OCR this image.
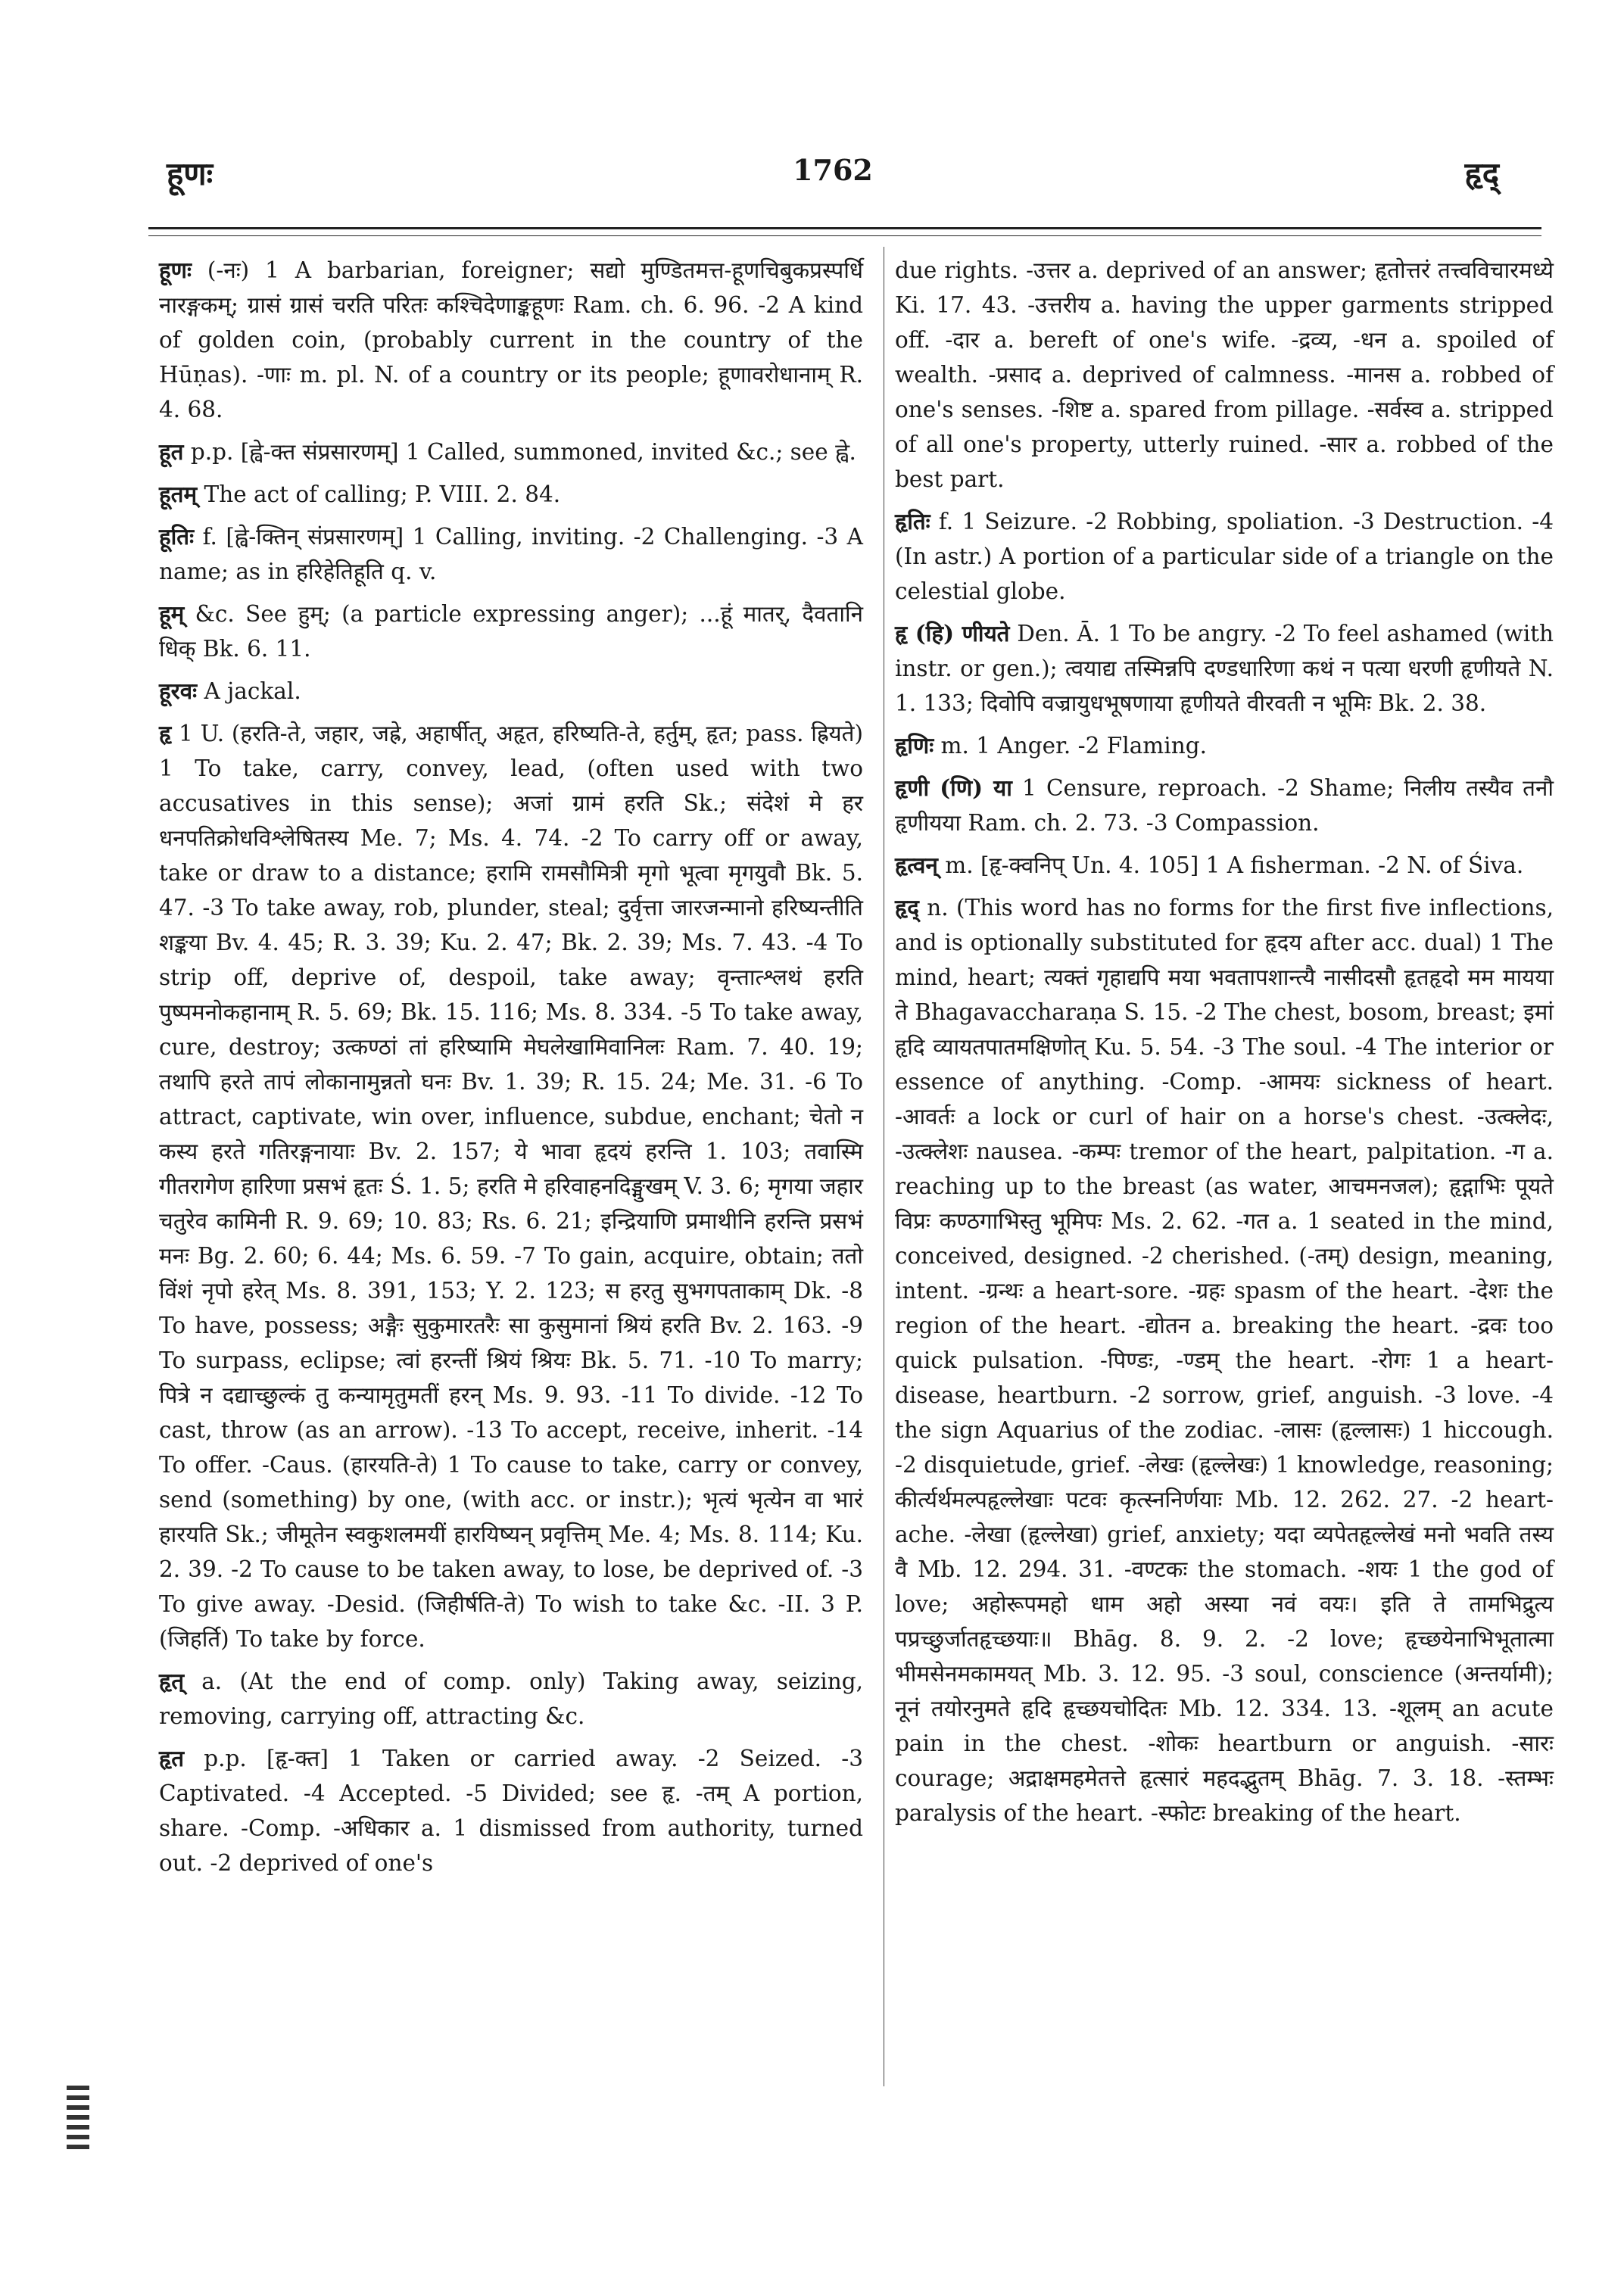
हूणः	1762	हृद्

हूणः (-नः) 1 A barbarian, foreigner; सद्यो मुण्डितमत्त-हूणचिबुकप्रस्पर्धि नारङ्गकम्; ग्रासं ग्रासं चरति परितः कश्चिदेणाङ्कहूणः Ram. ch. 6. 96. -2 A kind of golden coin, (probably current in the country of the Hūṇas). -णाः m. pl. N. of a country or its people; हूणावरोधानाम् R. 4. 68.

हूत p.p. [ह्वे-क्त संप्रसारणम्] 1 Called, summoned, invited &c.; see ह्वे.

हूतम् The act of calling; P. VIII. 2. 84.

हूतिः f. [ह्वे-क्तिन् संप्रसारणम्] 1 Calling, inviting. -2 Challenging. -3 A name; as in हरिहेतिहूति q. v.

हूम् &c. See हुम्; (a particle expressing anger); ...हूं मातर्, दैवतानि धिक् Bk. 6. 11.

हूरवः A jackal.

हृ 1 U. (हरति-ते, जहार, जह्रे, अहार्षीत्, अहृत, हरिष्यति-ते, हर्तुम्, हृत; pass. ह्रियते) 1 To take, carry, convey, lead, (often used with two accusatives in this sense); अजां ग्रामं हरति Sk.; संदेशं मे हर धनपतिक्रोधविश्लेषितस्य Me. 7; Ms. 4. 74. -2 To carry off or away, take or draw to a distance; हरामि रामसौमित्री मृगो भूत्वा मृगयुवौ Bk. 5. 47. -3 To take away, rob, plunder, steal; दुर्वृत्ता जारजन्मानो हरिष्यन्तीति शङ्कया Bv. 4. 45; R. 3. 39; Ku. 2. 47; Bk. 2. 39; Ms. 7. 43. -4 To strip off, deprive of, despoil, take away; वृन्तात्श्लथं हरति पुष्पमनोकहानाम् R. 5. 69; Bk. 15. 116; Ms. 8. 334. -5 To take away, cure, destroy; उत्कण्ठां तां हरिष्यामि मेघलेखामिवानिलः Ram. 7. 40. 19; तथापि हरते तापं लोकानामुन्नतो घनः Bv. 1. 39; R. 15. 24; Me. 31. -6 To attract, captivate, win over, influence, subdue, enchant; चेतो न कस्य हरते गतिरङ्गनायाः Bv. 2. 157; ये भावा हृदयं हरन्ति 1. 103; तवास्मि गीतरागेण हारिणा प्रसभं हृतः Ś. 1. 5; हरति मे हरिवाहनदिङ्मुखम् V. 3. 6; मृगया जहार चतुरेव कामिनी R. 9. 69; 10. 83; Rs. 6. 21; इन्द्रियाणि प्रमाथीनि हरन्ति प्रसभं मनः Bg. 2. 60; 6. 44; Ms. 6. 59. -7 To gain, acquire, obtain; ततो विंशं नृपो हरेत् Ms. 8. 391, 153; Y. 2. 123; स हरतु सुभगपताकाम् Dk. -8 To have, possess; अङ्गैः सुकुमारतरैः सा कुसुमानां श्रियं हरति Bv. 2. 163. -9 To surpass, eclipse; त्वां हरन्तीं श्रियं श्रियः Bk. 5. 71. -10 To marry; पित्रे न दद्याच्छुल्कं तु कन्यामृतुमतीं हरन् Ms. 9. 93. -11 To divide. -12 To cast, throw (as an arrow). -13 To accept, receive, inherit. -14 To offer. -Caus. (हारयति-ते) 1 To cause to take, carry or convey, send (something) by one, (with acc. or instr.); भृत्यं भृत्येन वा भारं हारयति Sk.; जीमूतेन स्वकुशलमयीं हारयिष्यन् प्रवृत्तिम् Me. 4; Ms. 8. 114; Ku. 2. 39. -2 To cause to be taken away, to lose, be deprived of. -3 To give away. -Desid. (जिहीर्षति-ते) To wish to take &c. -II. 3 P. (जिहर्ति) To take by force.

हृत् a. (At the end of comp. only) Taking away, seizing, removing, carrying off, attracting &c.

हृत p.p. [हृ-क्त] 1 Taken or carried away. -2 Seized. -3 Captivated. -4 Accepted. -5 Divided; see हृ. -तम् A portion, share. -Comp. -अधिकार a. 1 dismissed from authority, turned out. -2 deprived of one's

due rights. -उत्तर a. deprived of an answer; हृतोत्तरं तत्त्वविचारमध्ये Ki. 17. 43. -उत्तरीय a. having the upper garments stripped off. -दार a. bereft of one's wife. -द्रव्य, -धन a. spoiled of wealth. -प्रसाद a. deprived of calmness. -मानस a. robbed of one's senses. -शिष्ट a. spared from pillage. -सर्वस्व a. stripped of all one's property, utterly ruined. -सार a. robbed of the best part.

हृतिः f. 1 Seizure. -2 Robbing, spoliation. -3 Destruction. -4 (In astr.) A portion of a particular side of a triangle on the celestial globe.

हृ (हि) णीयते Den. Ā. 1 To be angry. -2 To feel ashamed (with instr. or gen.); त्वयाद्य तस्मिन्नपि दण्डधारिणा कथं न पत्या धरणी हृणीयते N. 1. 133; दिवोपि वज्रायुधभूषणाया हृणीयते वीरवती न भूमिः Bk. 2. 38.

हृणिः m. 1 Anger. -2 Flaming.

हृणी (णि) या 1 Censure, reproach. -2 Shame; निलीय तस्यैव तनौ हृणीयया Ram. ch. 2. 73. -3 Compassion.

हृत्वन् m. [हृ-क्वनिप् Un. 4. 105] 1 A fisherman. -2 N. of Śiva.

हृद् n. (This word has no forms for the first five inflections, and is optionally substituted for हृदय after acc. dual) 1 The mind, heart; त्यक्तं गृहाद्यपि मया भवतापशान्त्यै नासीदसौ हृतहृदो मम मायया ते Bhagavaccharaṇa S. 15. -2 The chest, bosom, breast; इमां हृदि व्यायतपातमक्षिणोत् Ku. 5. 54. -3 The soul. -4 The interior or essence of anything. -Comp. -आमयः sickness of heart. -आवर्तः a lock or curl of hair on a horse's chest. -उत्क्लेदः, -उत्क्लेशः nausea. -कम्पः tremor of the heart, palpitation. -ग a. reaching up to the breast (as water, आचमनजल); हृद्गाभिः पूयते विप्रः कण्ठगाभिस्तु भूमिपः Ms. 2. 62. -गत a. 1 seated in the mind, conceived, designed. -2 cherished. (-तम्) design, meaning, intent. -ग्रन्थः a heart-sore. -ग्रहः spasm of the heart. -देशः the region of the heart. -द्योतन a. breaking the heart. -द्रवः too quick pulsation. -पिण्डः, -ण्डम् the heart. -रोगः 1 a heart-disease, heartburn. -2 sorrow, grief, anguish. -3 love. -4 the sign Aquarius of the zodiac. -लासः (हृल्लासः) 1 hiccough. -2 disquietude, grief. -लेखः (हृल्लेखः) 1 knowledge, reasoning; कीर्त्यर्थमल्पहृल्लेखाः पटवः कृत्स्ननिर्णयाः Mb. 12. 262. 27. -2 heart-ache. -लेखा (हृल्लेखा) grief, anxiety; यदा व्यपेतहृल्लेखं मनो भवति तस्य वै Mb. 12. 294. 31. -वण्टकः the stomach. -शयः 1 the god of love; अहोरूपमहो धाम अहो अस्या नवं वयः। इति ते तामभिद्रुत्य पप्रच्छुर्जातहृच्छयाः॥ Bhāg. 8. 9. 2. -2 love; हृच्छयेनाभिभूतात्मा भीमसेनमकामयत् Mb. 3. 12. 95. -3 soul, conscience (अन्तर्यामी); नूनं तयोरनुमते हृदि हृच्छयचोदितः Mb. 12. 334. 13. -शूलम् an acute pain in the chest. -शोकः heartburn or anguish. -सारः courage; अद्राक्षमहमेतत्ते हृत्सारं महदद्भुतम् Bhāg. 7. 3. 18. -स्तम्भः paralysis of the heart. -स्फोटः breaking of the heart.
